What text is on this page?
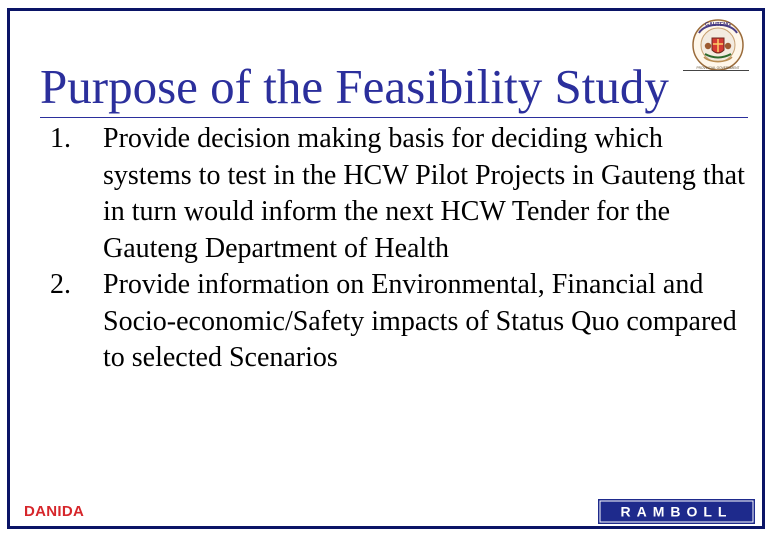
GAUTENG
PROVINCIAL GOVERNMENT
Purpose of the Feasibility Study
1. Provide decision making basis for deciding which systems to test in the HCW Pilot Projects in Gauteng that in turn would inform the next HCW Tender for the Gauteng Department of Health
2. Provide information on Environmental, Financial and Socio-economic/Safety impacts of Status Quo compared to selected Scenarios
DANIDA	RAMBOLL
